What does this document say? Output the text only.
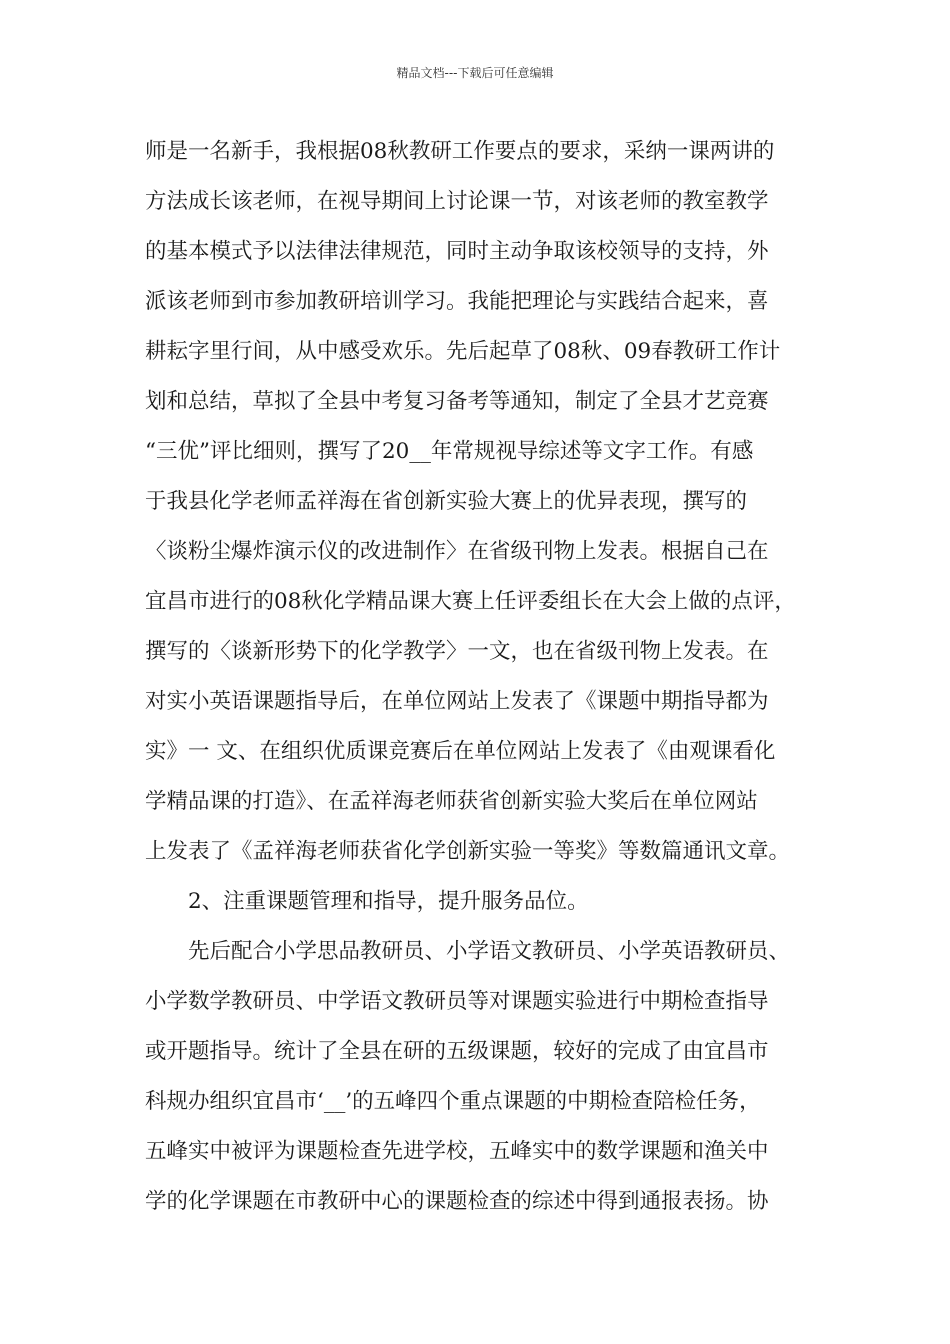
精品文档---下载后可任意编辑
师是一名新手，我根据08秋教研工作要点的要求，采纳一课两讲的
方法成长该老师，在视导期间上讨论课一节，对该老师的教室教学
的基本模式予以法律法律规范，同时主动争取该校领导的支持，外
派该老师到市参加教研培训学习。我能把理论与实践结合起来，喜
耕耘字里行间，从中感受欢乐。先后起草了08秋、09春教研工作计
划和总结，草拟了全县中考复习备考等通知，制定了全县才艺竞赛
“三优”评比细则，撰写了20__年常规视导综述等文字工作。有感
于我县化学老师孟祥海在省创新实验大赛上的优异表现，撰写的
〈谈粉尘爆炸演示仪的改进制作〉在省级刊物上发表。根据自己在
宜昌市进行的08秋化学精品课大赛上任评委组长在大会上做的点评，
撰写的〈谈新形势下的化学教学〉一文，也在省级刊物上发表。在
对实小英语课题指导后，在单位网站上发表了《课题中期指导都为
实》一 文、在组织优质课竞赛后在单位网站上发表了《由观课看化
学精品课的打造》、在孟祥海老师获省创新实验大奖后在单位网站
上发表了《孟祥海老师获省化学创新实验一等奖》等数篇通讯文章。
2、注重课题管理和指导，提升服务品位。
先后配合小学思品教研员、小学语文教研员、小学英语教研员、
小学数学教研员、中学语文教研员等对课题实验进行中期检查指导
或开题指导。统计了全县在研的五级课题，较好的完成了由宜昌市
科规办组织宜昌市‘__’的五峰四个重点课题的中期检查陪检任务，
五峰实中被评为课题检查先进学校，五峰实中的数学课题和渔关中
学的化学课题在市教研中心的课题检查的综述中得到通报表扬。协
